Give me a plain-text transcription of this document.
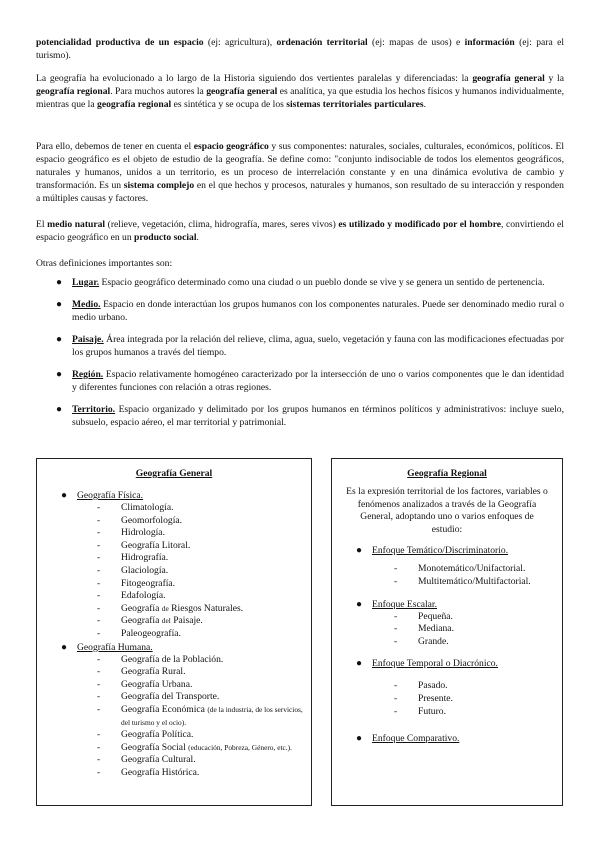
potencialidad productiva de un espacio (ej: agricultura), ordenación territorial (ej: mapas de usos) e información (ej: para el turismo).

La geografía ha evolucionado a lo largo de la Historia siguiendo dos vertientes paralelas y diferenciadas: la geografía general y la geografía regional. Para muchos autores la geografía general es analítica, ya que estudia los hechos físicos y humanos individualmente, mientras que la geografía regional es sintética y se ocupa de los sistemas territoriales particulares.

Para ello, debemos de tener en cuenta el espacio geográfico y sus componentes: naturales, sociales, culturales, económicos, políticos. El espacio geográfico es el objeto de estudio de la geografía. Se define como: "conjunto indisociable de todos los elementos geográficos, naturales y humanos, unidos a un territorio, es un proceso de interrelación constante y en una dinámica evolutiva de cambio y transformación. Es un sistema complejo en el que hechos y procesos, naturales y humanos, son resultado de su interacción y responden a múltiples causas y factores.

El medio natural (relieve, vegetación, clima, hidrografía, mares, seres vivos) es utilizado y modificado por el hombre, convirtiendo el espacio geográfico en un producto social.

Otras definiciones importantes son:

● Lugar. Espacio geográfico determinado como una ciudad o un pueblo donde se vive y se genera un sentido de pertenencia.
● Medio. Espacio en donde interactúan los grupos humanos con los componentes naturales. Puede ser denominado medio rural o medio urbano.
● Paisaje. Área integrada por la relación del relieve, clima, agua, suelo, vegetación y fauna con las modificaciones efectuadas por los grupos humanos a través del tiempo.
● Región. Espacio relativamente homogéneo caracterizado por la intersección de uno o varios componentes que le dan identidad y diferentes funciones con relación a otras regiones.
● Territorio. Espacio organizado y delimitado por los grupos humanos en términos políticos y administrativos: incluye suelo, subsuelo, espacio aéreo, el mar territorial y patrimonial.
Geografía General
● Geografía Física.
- Climatología.
- Geomorfología.
- Hidrología.
- Geografía Litoral.
- Hidrografía.
- Glaciología.
- Fitogeografía.
- Edafología.
- Geografía de Riesgos Naturales.
- Geografía del Paisaje.
- Paleogeografía.
● Geografía Humana.
- Geografía de la Población.
- Geografía Rural.
- Geografía Urbana.
- Geografía del Transporte.
- Geografía Económica (de la industria, de los servicios, del turismo y el ocio).
- Geografía Política.
- Geografía Social (educación, Pobreza, Género, etc.).
- Geografía Cultural.
- Geografía Histórica.
Geografía Regional

Es la expresión territorial de los factores, variables o fenómenos analizados a través de la Geografía General, adoptando uno o varios enfoques de estudio:

● Enfoque Temático/Discriminatorio.
- Monotemático/Unifactorial.
- Multitemático/Multifactorial.
● Enfoque Escalar.
- Pequeña.
- Mediana.
- Grande.
● Enfoque Temporal o Diacrónico.
- Pasado.
- Presente.
- Futuro.
● Enfoque Comparativo.
